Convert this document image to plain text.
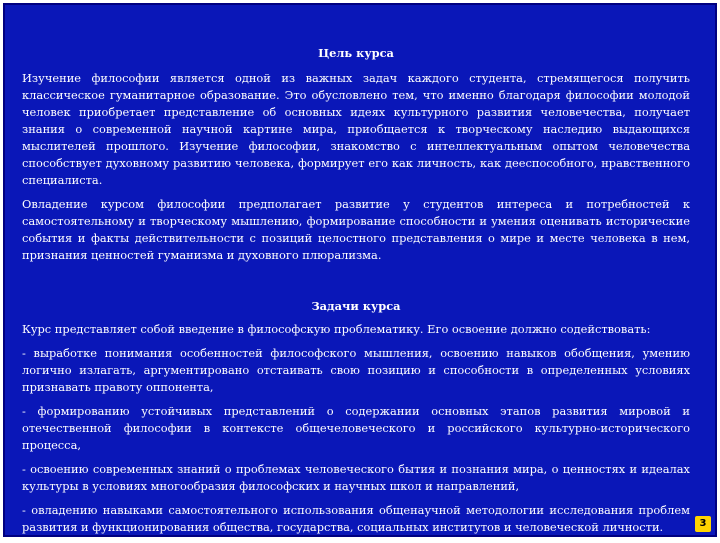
Цель курса

Изучение философии является одной из важных задач каждого студента, стремящегося получить классическое гуманитарное образование. Это обусловлено тем, что именно благодаря философии молодой человек приобретает представление об основных идеях культурного развития человечества, получает знания о современной научной картине мира, приобщается к творческому наследию выдающихся мыслителей прошлого. Изучение философии, знакомство с интеллектуальным опытом человечества способствует духовному развитию человека, формирует его как личность, как дееспособного, нравственного специалиста.

Овладение курсом философии предполагает развитие у студентов интереса и потребностей к самостоятельному и творческому мышлению, формирование способности и умения оценивать исторические события и факты действительности с позиций целостного представления о мире и месте человека в нем, признания ценностей гуманизма и духовного плюрализма.

Задачи курса

Курс представляет собой введение в философскую проблематику. Его освоение должно содействовать:

- выработке понимания особенностей философского мышления, освоению навыков обобщения, умению логично излагать, аргументировано отстаивать свою позицию и способности в определенных условиях признавать правоту оппонента,

- формированию устойчивых представлений о содержании основных этапов развития мировой и отечественной философии в контексте общечеловеческого и российского культурно-исторического процесса,

- освоению современных знаний о проблемах человеческого бытия и познания мира, о ценностях и идеалах культуры в условиях многообразия философских и научных школ и направлений,

- овладению навыками самостоятельного использования общенаучной методологии исследования проблем развития и функционирования общества, государства, социальных институтов и человеческой личности.	3
